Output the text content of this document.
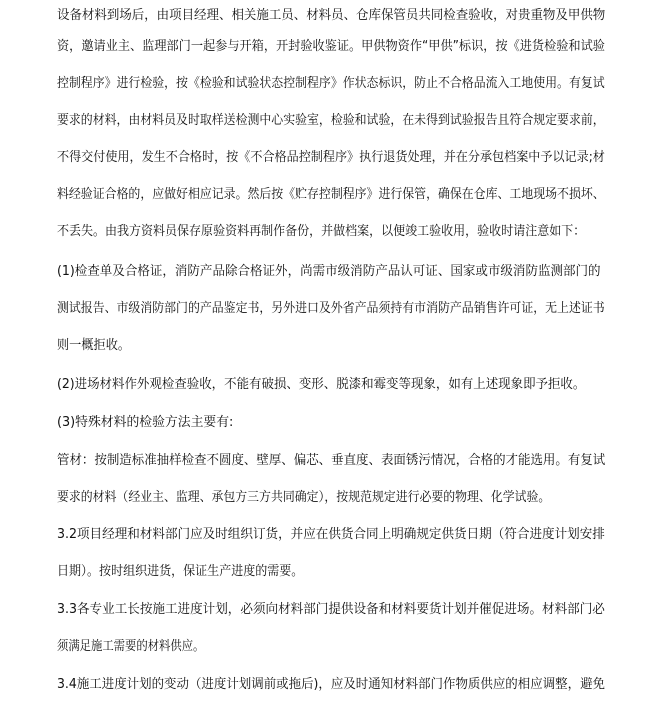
设备材料到场后，由项目经理、相关施工员、材料员、仓库保管员共同检查验收，对贵重物及甲供物
资，邀请业主、监理部门一起参与开箱，开封验收鉴证。甲供物资作“甲供”标识，按《进货检验和试验
控制程序》进行检验，按《检验和试验状态控制程序》作状态标识，防止不合格品流入工地使用。有复试
要求的材料，由材料员及时取样送检测中心实验室，检验和试验，在未得到试验报告且符合规定要求前，
不得交付使用，发生不合格时，按《不合格品控制程序》执行退货处理，并在分承包档案中予以记录;材
料经验证合格的，应做好相应记录。然后按《贮存控制程序》进行保管，确保在仓库、工地现场不损坏、
不丢失。由我方资料员保存原验资料再制作备份，并做档案，以便竣工验收用，验收时请注意如下：
(1)检查单及合格证，消防产品除合格证外，尚需市级消防产品认可证、国家或市级消防监测部门的
测试报告、市级消防部门的产品鉴定书，另外进口及外省产品须持有市消防产品销售许可证，无上述证书
则一概拒收。
(2)进场材料作外观检查验收，不能有破损、变形、脱漆和霉变等现象，如有上述现象即予拒收。
(3)特殊材料的检验方法主要有:
管材：按制造标准抽样检查不圆度、壁厚、偏芯、垂直度、表面锈污情况，合格的才能选用。有复试
要求的材料（经业主、监理、承包方三方共同确定），按规范规定进行必要的物理、化学试验。
3.2项目经理和材料部门应及时组织订货，并应在供货合同上明确规定供货日期（符合进度计划安排
日期）。按时组织进货，保证生产进度的需要。
3.3各专业工长按施工进度计划，必须向材料部门提供设备和材料要货计划并催促进场。材料部门必
须满足施工需要的材料供应。
3.4施工进度计划的变动（进度计划调前或拖后)，应及时通知材料部门作物质供应的相应调整，避免
